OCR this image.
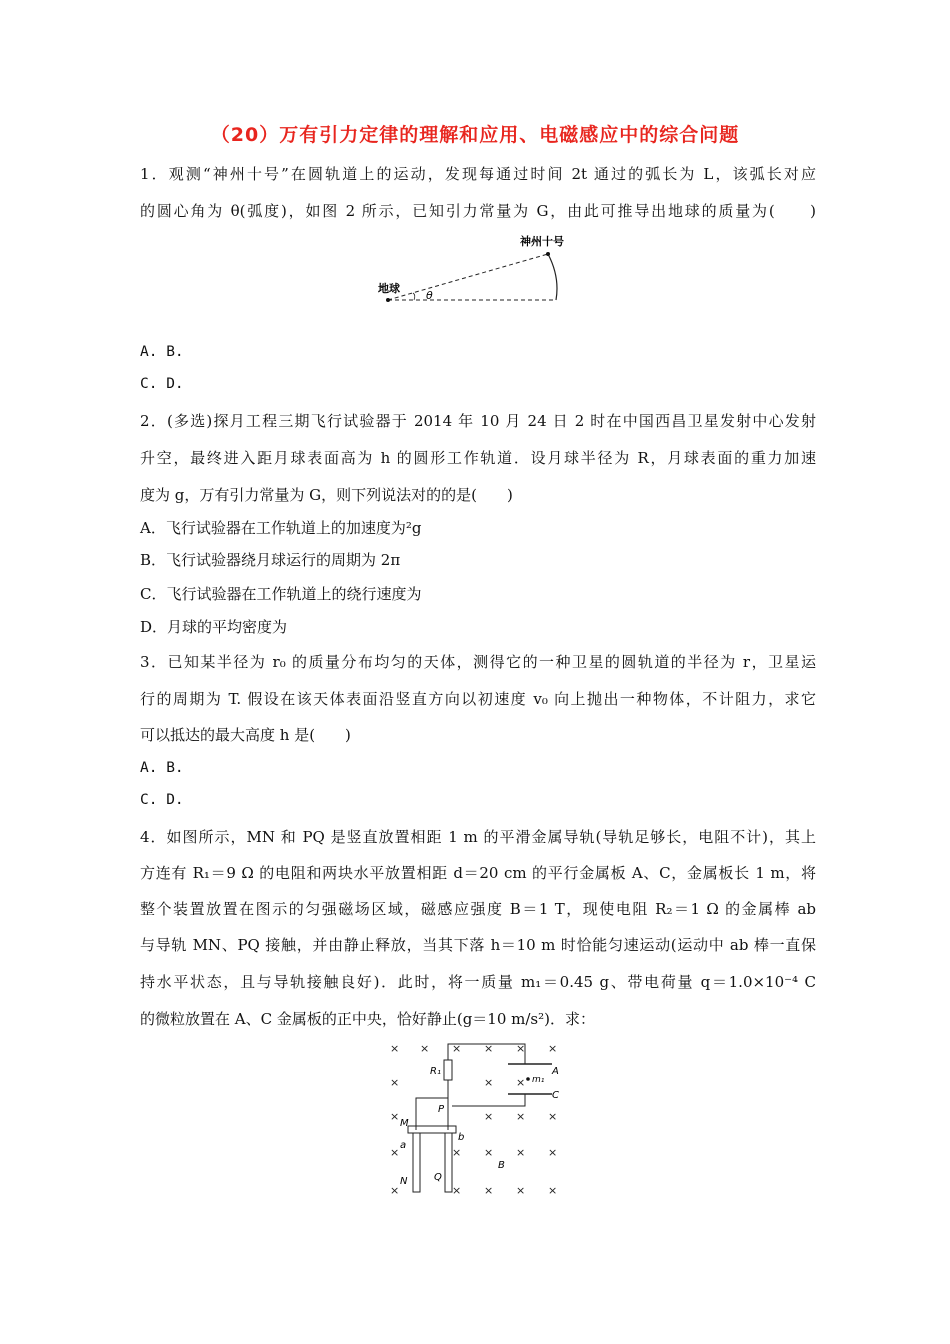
（20）万有引力定律的理解和应用、电磁感应中的综合问题
1．观测“神州十号”在圆轨道上的运动，发现每通过时间 2t 通过的弧长为 L，该弧长对应
的圆心角为 θ(弧度)，如图 2 所示，已知引力常量为 G，由此可推导出地球的质量为(　　)
神州十号
地球
θ
A. B.
C. D.
2．(多选)探月工程三期飞行试验器于 2014 年 10 月 24 日 2 时在中国西昌卫星发射中心发射
升空，最终进入距月球表面高为 h 的圆形工作轨道．设月球半径为 R，月球表面的重力加速
度为 g，万有引力常量为 G，则下列说法对的的是(　　)
A．飞行试验器在工作轨道上的加速度为²g
B．飞行试验器绕月球运行的周期为 2π
C．飞行试验器在工作轨道上的绕行速度为
D．月球的平均密度为
3．已知某半径为 r₀ 的质量分布均匀的天体，测得它的一种卫星的圆轨道的半径为 r，卫星运
行的周期为 T. 假设在该天体表面沿竖直方向以初速度 v₀ 向上抛出一种物体，不计阻力，求它
可以抵达的最大高度 h 是(　　)
A. B.
C. D.
4．如图所示，MN 和 PQ 是竖直放置相距 1 m 的平滑金属导轨(导轨足够长，电阻不计)，其上
方连有 R₁＝9 Ω 的电阻和两块水平放置相距 d＝20 cm 的平行金属板 A、C，金属板长 1 m，将
整个装置放置在图示的匀强磁场区域，磁感应强度 B＝1 T，现使电阻 R₂＝1 Ω 的金属棒 ab
与导轨 MN、PQ 接触，并由静止释放，当其下落 h＝10 m 时恰能匀速运动(运动中 ab 棒一直保
持水平状态，且与导轨接触良好)．此时，将一质量 m₁＝0.45 g、带电荷量 q＝1.0×10⁻⁴ C
的微粒放置在 A、C 金属板的正中央，恰好静止(g＝10 m/s²)．求：
× × × × × ×
×	× ×
×	×
× ×
×	× × × ×
×	× × × ×
R₁
M
P
a
b
N	Q
B
A
C
m₁
